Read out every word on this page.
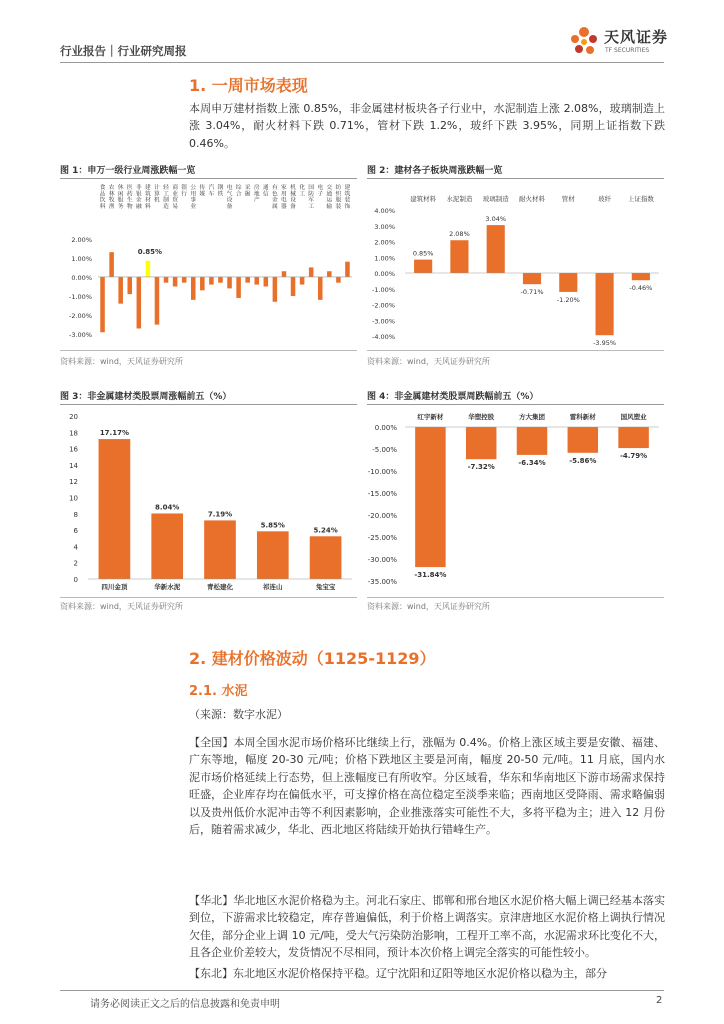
行业报告｜行业研究周报
天风证券
TF SECURITIES
1. 一周市场表现
本周申万建材指数上涨 0.85%，非金属建材板块各子行业中，水泥制造上涨 2.08%，玻璃制造上涨 3.04%，耐火材料下跌 0.71%，管材下跌 1.2%，玻纤下跌 3.95%，同期上证指数下跌 0.46%。
图 1：申万一级行业周涨跌幅一览	图 2：建材各子板块周涨跌幅一览
2.00%
1.00%
0.00%
-1.00%
-2.00%
-3.00%
食
品
饮
料
农
林
牧
渔
休
闲
服
务
医
药
生
物
非
银
金
融
建
筑
材
料
0.85%
计
算
机
轻
工
制
造
商
业
贸
易
银
行
公
用
事
业
传
媒
汽
车
钢
铁
电
气
设
备
综
合
采
掘
房
地
产
通
信
有
色
金
属
家
用
电
器
机
械
设
备
化
工
国
防
军
工
电
子
交
通
运
输
纺
织
服
装
建
筑
装
饰
4.00%
3.00%
2.00%
1.00%
0.00%
-1.00%
-2.00%
-3.00%
-4.00%
建筑材料
0.85%
水泥制造
2.08%
玻璃制造
3.04%
耐火材料
-0.71%
管材
-1.20%
玻纤
-3.95%
上证指数
-0.46%
资料来源：wind，天风证券研究所	资料来源：wind，天风证券研究所
图 3：非金属建材类股票周涨幅前五（%）	图 4：非金属建材类股票周跌幅前五（%）
20
18
16
14
12
10
8
6
4
2
0
17.17%
四川金顶
8.04%
华新水泥
7.19%
青松建化
5.85%
祁连山
5.24%
兔宝宝
0.00%
-5.00%
-10.00%
-15.00%
-20.00%
-25.00%
-30.00%
-35.00%
-31.84%
红宇新材
-7.32%
华塑控股
-6.34%
方大集团
-5.86%
雷科新材
-4.79%
国风塑业
资料来源：wind，天风证券研究所	资料来源：wind，天风证券研究所
2. 建材价格波动（1125-1129）
2.1. 水泥
（来源：数字水泥）
【全国】本周全国水泥市场价格环比继续上行，涨幅为 0.4%。价格上涨区域主要是安徽、福建、广东等地，幅度 20-30 元/吨；价格下跌地区主要是河南，幅度 20-50 元/吨。11 月底，国内水泥市场价格延续上行态势，但上涨幅度已有所收窄。分区域看，华东和华南地区下游市场需求保持旺盛，企业库存均在偏低水平，可支撑价格在高位稳定至淡季来临；西南地区受降雨、需求略偏弱以及贵州低价水泥冲击等不利因素影响，企业推涨落实可能性不大，多将平稳为主；进入 12 月份后，随着需求减少，华北、西北地区将陆续开始执行错峰生产。
【华北】华北地区水泥价格稳为主。河北石家庄、邯郸和邢台地区水泥价格大幅上调已经基本落实到位，下游需求比较稳定，库存普遍偏低，利于价格上调落实。京津唐地区水泥价格上调执行情况欠佳，部分企业上调 10 元/吨，受大气污染防治影响，工程开工率不高，水泥需求环比变化不大，且各企业价差较大，发货情况不尽相同，预计本次价格上调完全落实的可能性较小。
【东北】东北地区水泥价格保持平稳。辽宁沈阳和辽阳等地区水泥价格以稳为主，部分
请务必阅读正文之后的信息披露和免责申明	2
